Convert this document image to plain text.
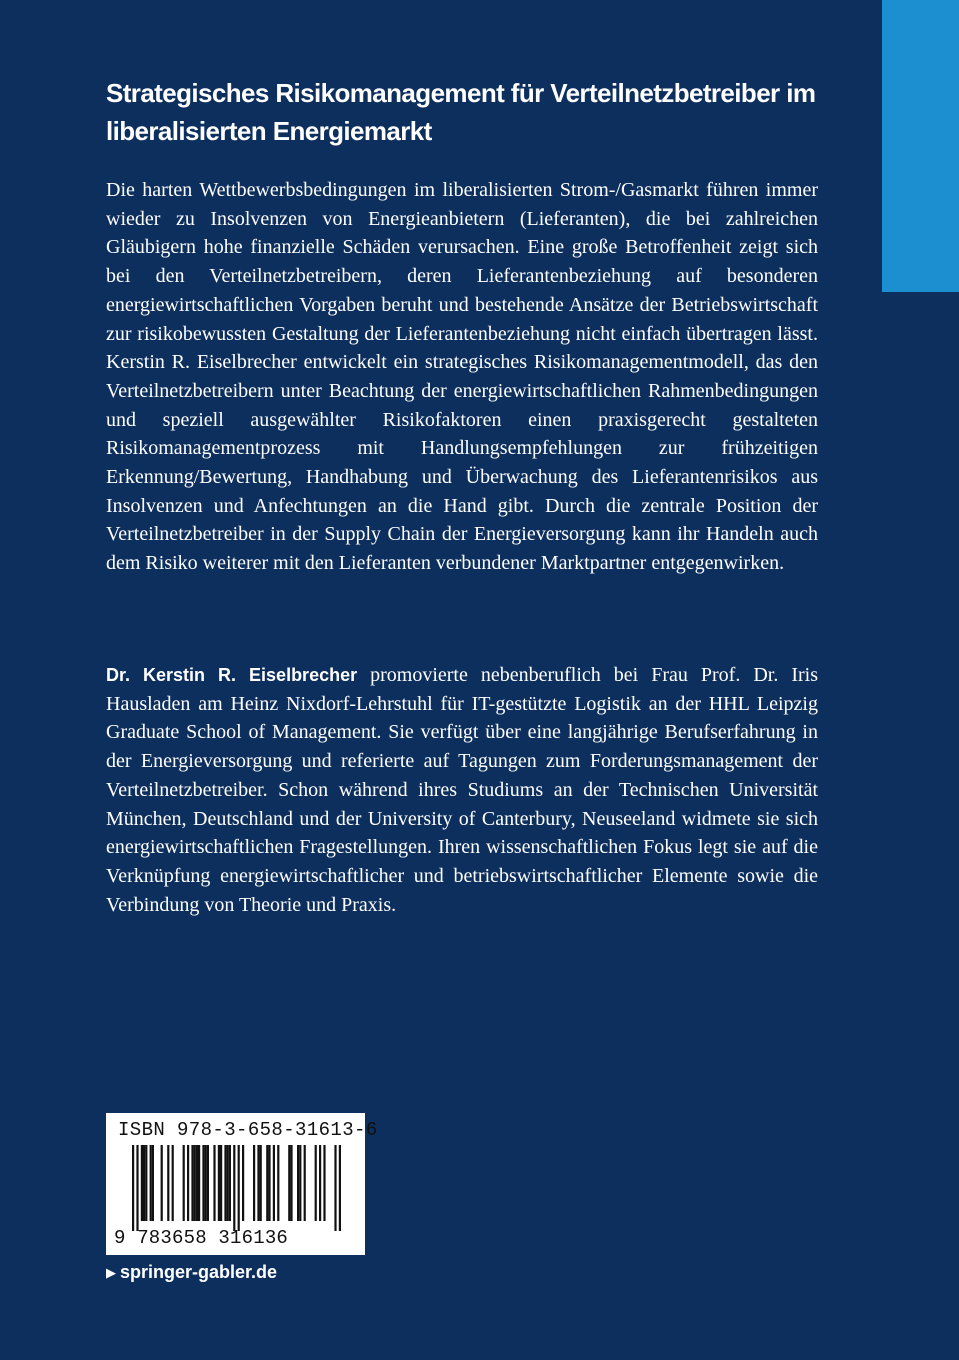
Strategisches Risikomanagement für Verteilnetzbetreiber im
liberalisierten Energiemarkt

Die harten Wettbewerbsbedingungen im liberalisierten Strom-/Gasmarkt führen immer wieder zu Insolvenzen von Energieanbietern (Lieferanten), die bei zahlreichen Gläubigern hohe finanzielle Schäden verursachen. Eine große Betroffenheit zeigt sich bei den Verteilnetzbetreibern, deren Lieferantenbeziehung auf besonderen energiewirtschaftlichen Vorgaben beruht und bestehende Ansätze der Betriebswirtschaft zur risikobewussten Gestaltung der Lieferantenbeziehung nicht einfach übertragen lässt. Kerstin R. Eiselbrecher entwickelt ein strategisches Risikomanagementmodell, das den Verteilnetzbetreibern unter Beachtung der energiewirtschaftlichen Rahmenbedingungen und speziell ausgewählter Risikofaktoren einen praxisgerecht gestalteten Risikomanagementprozess mit Handlungsempfehlungen zur frühzeitigen Erkennung/Bewertung, Handhabung und Überwachung des Lieferantenrisikos aus Insolvenzen und Anfechtungen an die Hand gibt. Durch die zentrale Position der Verteilnetzbetreiber in der Supply Chain der Energieversorgung kann ihr Handeln auch dem Risiko weiterer mit den Lieferanten verbundener Marktpartner entgegenwirken.

Dr. Kerstin R. Eiselbrecher promovierte nebenberuflich bei Frau Prof. Dr. Iris Hausladen am Heinz Nixdorf-Lehrstuhl für IT-gestützte Logistik an der HHL Leipzig Graduate School of Management. Sie verfügt über eine langjährige Berufserfahrung in der Energieversorgung und referierte auf Tagungen zum Forderungsmanagement der Verteilnetzbetreiber. Schon während ihres Studiums an der Technischen Universität München, Deutschland und der University of Canterbury, Neuseeland widmete sie sich energiewirtschaftlichen Fragestellungen. Ihren wissenschaftlichen Fokus legt sie auf die Verknüpfung energiewirtschaftlicher und betriebswirtschaftlicher Elemente sowie die Verbindung von Theorie und Praxis.

ISBN 978-3-658-31613-6
9 783658 316136
▶ springer-gabler.de
